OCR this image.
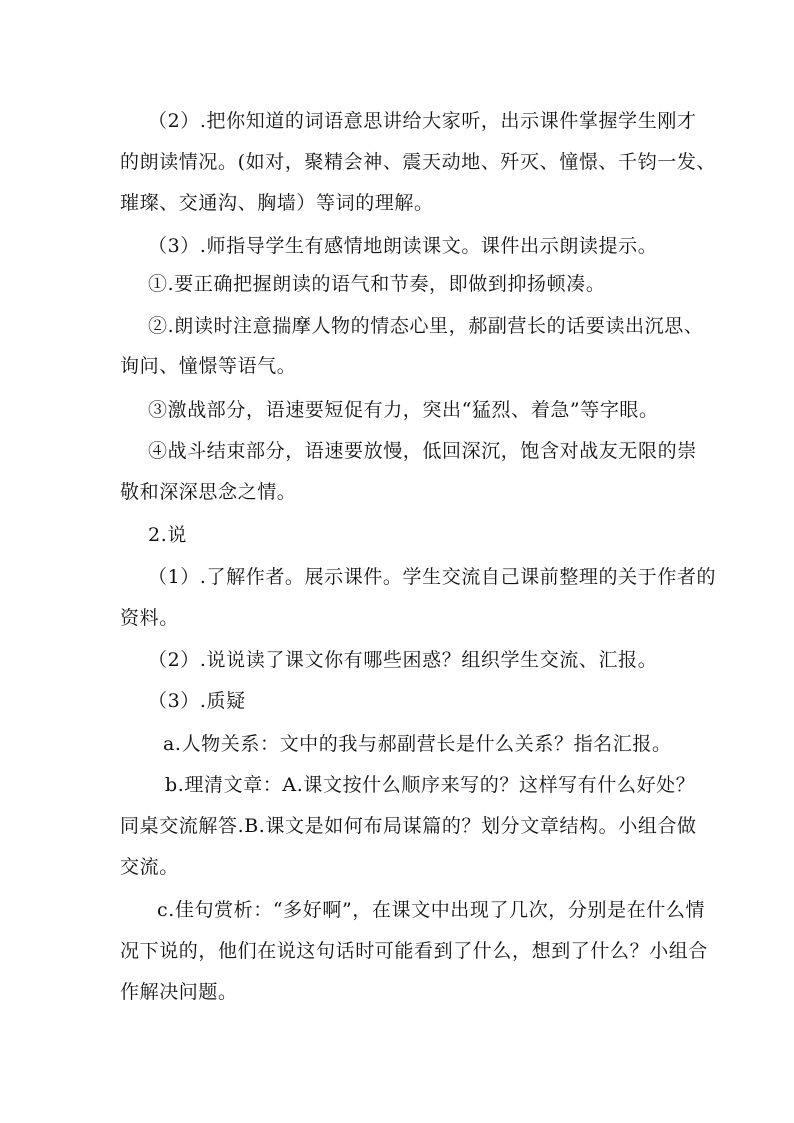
（2）.把你知道的词语意思讲给大家听，出示课件掌握学生刚才
的朗读情况。(如对，聚精会神、震天动地、歼灭、憧憬、千钧一发、
璀璨、交通沟、胸墙）等词的理解。
（3）.师指导学生有感情地朗读课文。课件出示朗读提示。
①.要正确把握朗读的语气和节奏，即做到抑扬顿凑。
②.朗读时注意揣摩人物的情态心里，郝副营长的话要读出沉思、
询问、憧憬等语气。
③激战部分，语速要短促有力，突出“猛烈、着急”等字眼。
④战斗结束部分，语速要放慢，低回深沉，饱含对战友无限的崇
敬和深深思念之情。
2.说
（1）.了解作者。展示课件。学生交流自己课前整理的关于作者的
资料。
（2）.说说读了课文你有哪些困惑？组织学生交流、汇报。
（3）.质疑
a.人物关系：文中的我与郝副营长是什么关系？指名汇报。
b.理清文章：A.课文按什么顺序来写的？这样写有什么好处？
同桌交流解答.B.课文是如何布局谋篇的？划分文章结构。小组合做
交流。
c.佳句赏析：“多好啊”，在课文中出现了几次，分别是在什么情
况下说的，他们在说这句话时可能看到了什么，想到了什么？小组合
作解决问题。
